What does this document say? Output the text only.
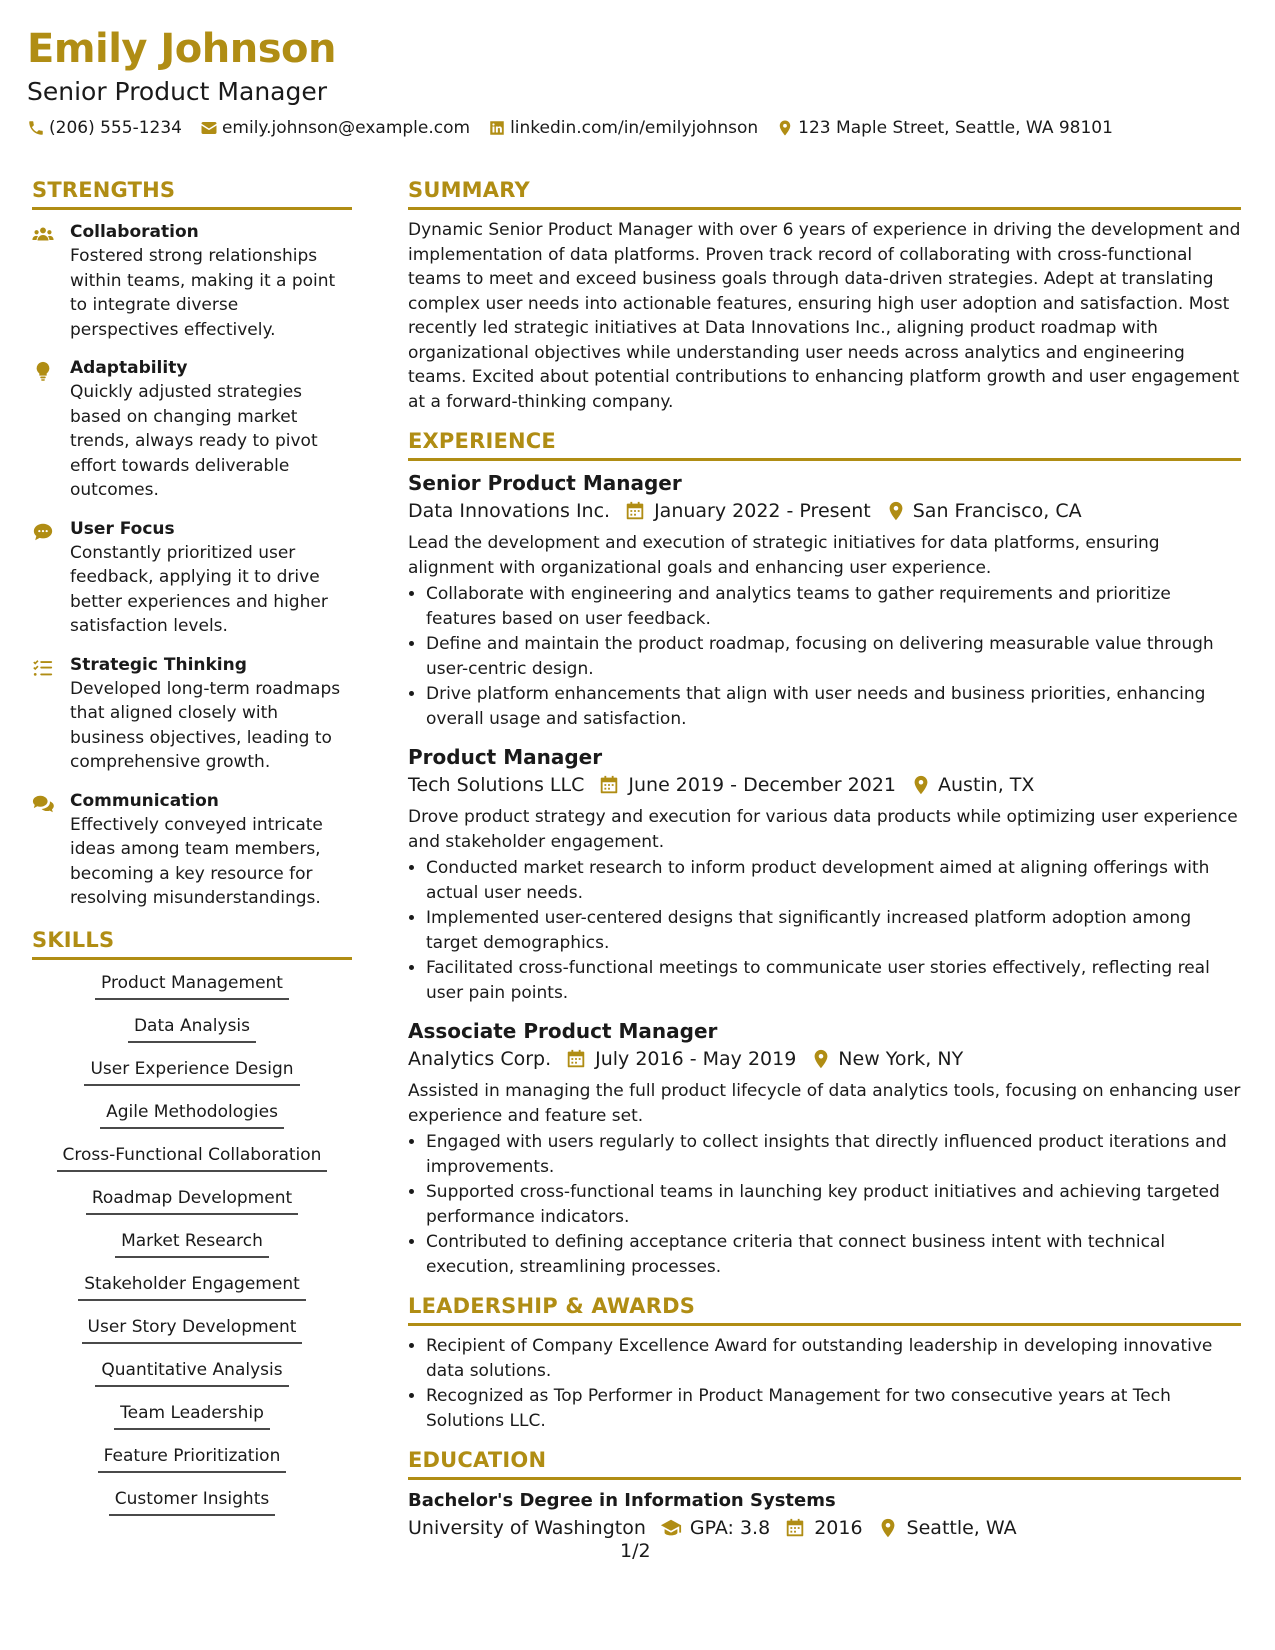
Emily Johnson
Senior Product Manager
(206) 555-1234 emily.johnson@example.com linkedin.com/in/emilyjohnson 123 Maple Street, Seattle, WA 98101
STRENGTHS
Collaboration
Fostered strong relationships within teams, making it a point to integrate diverse perspectives effectively.
Adaptability
Quickly adjusted strategies based on changing market trends, always ready to pivot effort towards deliverable outcomes.
User Focus
Constantly prioritized user feedback, applying it to drive better experiences and higher satisfaction levels.
Strategic Thinking
Developed long-term roadmaps that aligned closely with business objectives, leading to comprehensive growth.
Communication
Effectively conveyed intricate ideas among team members, becoming a key resource for resolving misunderstandings.
SKILLS
Product Management
Data Analysis
User Experience Design
Agile Methodologies
Cross-Functional Collaboration
Roadmap Development
Market Research
Stakeholder Engagement
User Story Development
Quantitative Analysis
Team Leadership
Feature Prioritization
Customer Insights
SUMMARY

Dynamic Senior Product Manager with over 6 years of experience in driving the development and implementation of data platforms. Proven track record of collaborating with cross-functional teams to meet and exceed business goals through data-driven strategies. Adept at translating complex user needs into actionable features, ensuring high user adoption and satisfaction. Most recently led strategic initiatives at Data Innovations Inc., aligning product roadmap with organizational objectives while understanding user needs across analytics and engineering teams. Excited about potential contributions to enhancing platform growth and user engagement at a forward-thinking company.

EXPERIENCE
Senior Product Manager
Data Innovations Inc. January 2022 - Present San Francisco, CA

Lead the development and execution of strategic initiatives for data platforms, ensuring alignment with organizational goals and enhancing user experience.

• Collaborate with engineering and analytics teams to gather requirements and prioritize features based on user feedback.
• Define and maintain the product roadmap, focusing on delivering measurable value through user-centric design.
• Drive platform enhancements that align with user needs and business priorities, enhancing overall usage and satisfaction.
Product Manager
Tech Solutions LLC June 2019 - December 2021 Austin, TX

Drove product strategy and execution for various data products while optimizing user experience and stakeholder engagement.

• Conducted market research to inform product development aimed at aligning offerings with actual user needs.
• Implemented user-centered designs that significantly increased platform adoption among target demographics.
• Facilitated cross-functional meetings to communicate user stories effectively, reflecting real user pain points.
Associate Product Manager
Analytics Corp. July 2016 - May 2019 New York, NY

Assisted in managing the full product lifecycle of data analytics tools, focusing on enhancing user experience and feature set.

• Engaged with users regularly to collect insights that directly influenced product iterations and improvements.
• Supported cross-functional teams in launching key product initiatives and achieving targeted performance indicators.
• Contributed to defining acceptance criteria that connect business intent with technical execution, streamlining processes.
LEADERSHIP & AWARDS
• Recipient of Company Excellence Award for outstanding leadership in developing innovative data solutions.
• Recognized as Top Performer in Product Management for two consecutive years at Tech Solutions LLC.
EDUCATION
Bachelor's Degree in Information Systems
University of Washington GPA: 3.8 2016 Seattle, WA
1/2
